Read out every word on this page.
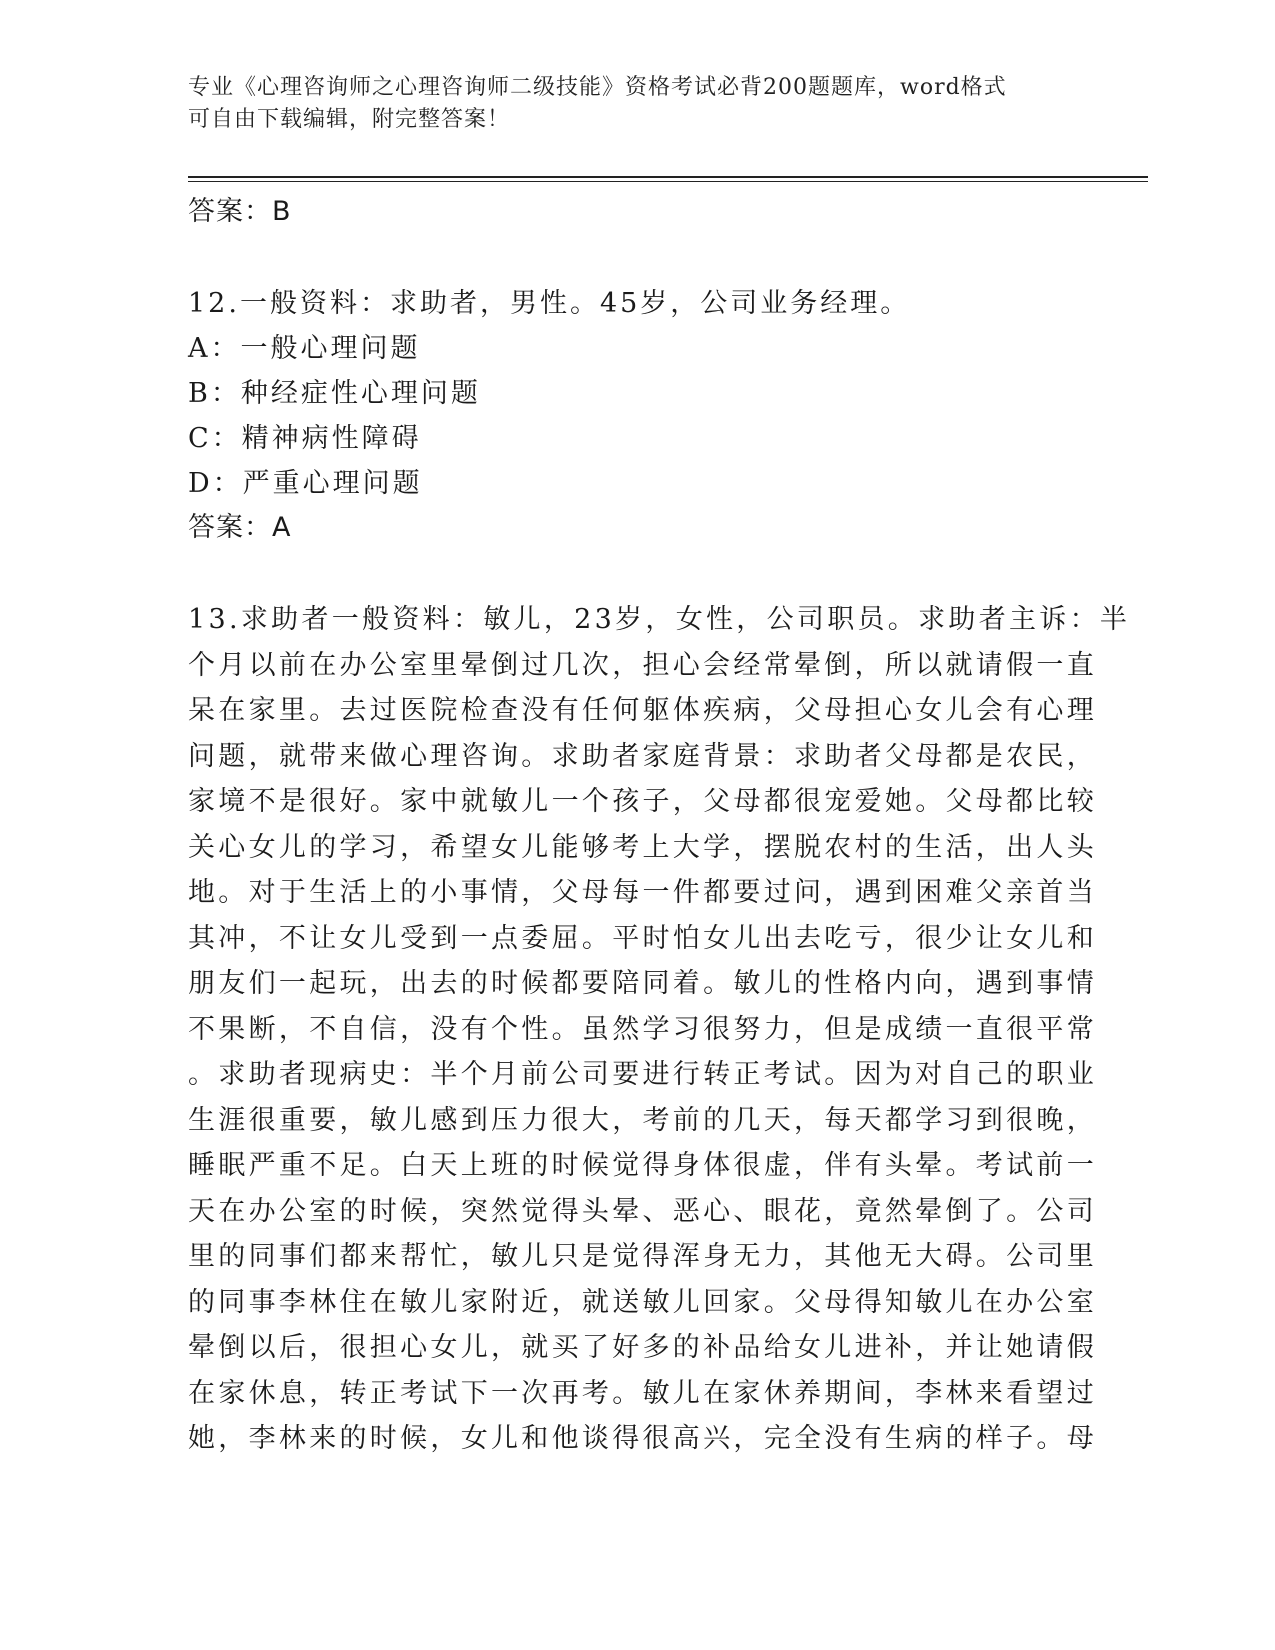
专业《心理咨询师之心理咨询师二级技能》资格考试必背200题题库，word格式
可自由下载编辑，附完整答案！
答案：B
12.一般资料：求助者，男性。45岁，公司业务经理。
A：一般心理问题
B：种经症性心理问题
C：精神病性障碍
D：严重心理问题
答案：A
13.求助者一般资料：敏儿，23岁，女性，公司职员。求助者主诉：半
个月以前在办公室里晕倒过几次，担心会经常晕倒，所以就请假一直
呆在家里。去过医院检查没有任何躯体疾病，父母担心女儿会有心理
问题，就带来做心理咨询。求助者家庭背景：求助者父母都是农民，
家境不是很好。家中就敏儿一个孩子，父母都很宠爱她。父母都比较
关心女儿的学习，希望女儿能够考上大学，摆脱农村的生活，出人头
地。对于生活上的小事情，父母每一件都要过问，遇到困难父亲首当
其冲，不让女儿受到一点委屈。平时怕女儿出去吃亏，很少让女儿和
朋友们一起玩，出去的时候都要陪同着。敏儿的性格内向，遇到事情
不果断，不自信，没有个性。虽然学习很努力，但是成绩一直很平常
。求助者现病史：半个月前公司要进行转正考试。因为对自己的职业
生涯很重要，敏儿感到压力很大，考前的几天，每天都学习到很晚，
睡眠严重不足。白天上班的时候觉得身体很虚，伴有头晕。考试前一
天在办公室的时候，突然觉得头晕、恶心、眼花，竟然晕倒了。公司
里的同事们都来帮忙，敏儿只是觉得浑身无力，其他无大碍。公司里
的同事李林住在敏儿家附近，就送敏儿回家。父母得知敏儿在办公室
晕倒以后，很担心女儿，就买了好多的补品给女儿进补，并让她请假
在家休息，转正考试下一次再考。敏儿在家休养期间，李林来看望过
她，李林来的时候，女儿和他谈得很高兴，完全没有生病的样子。母
